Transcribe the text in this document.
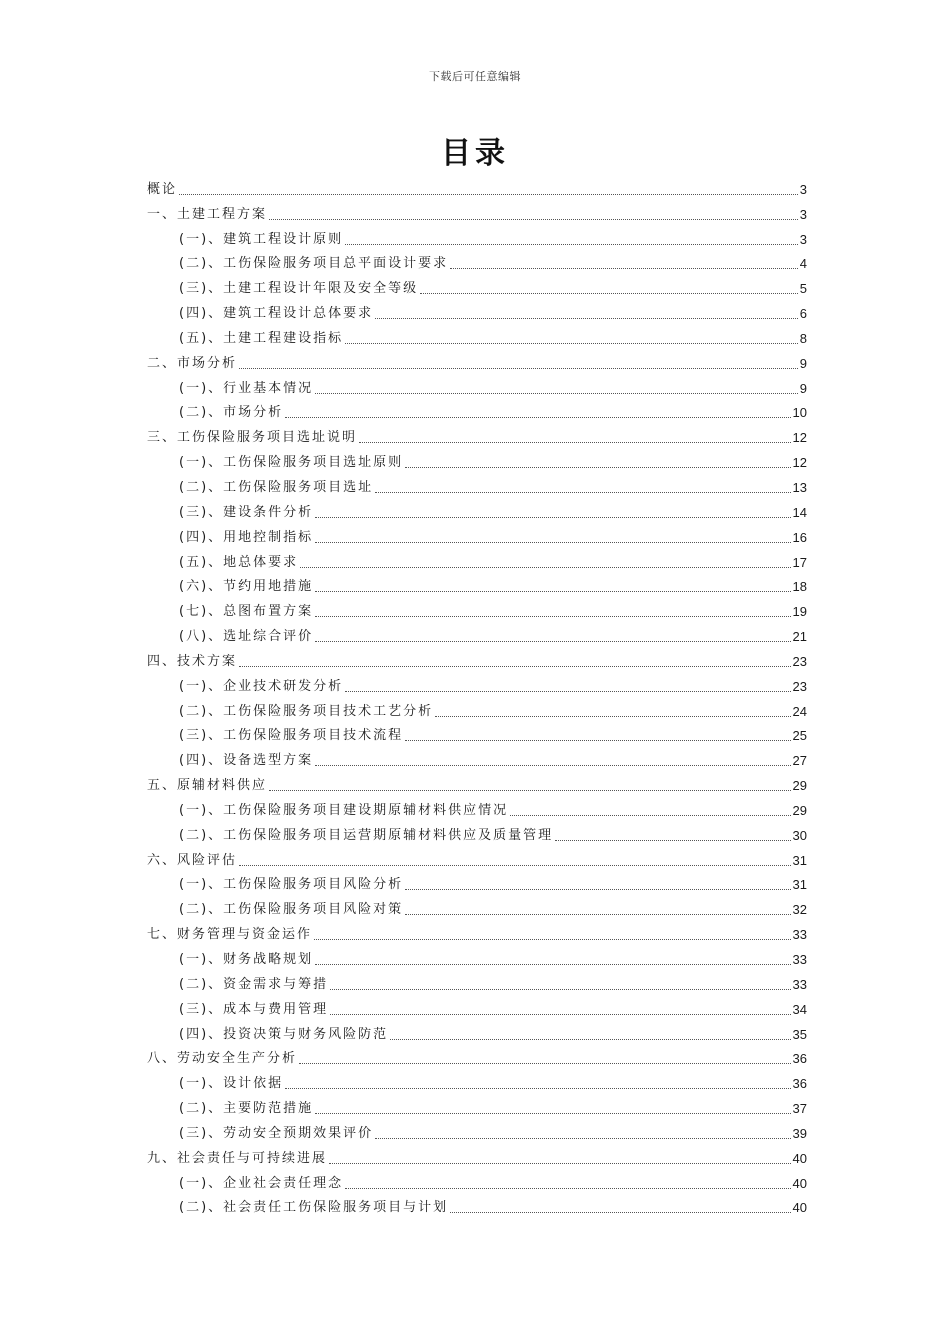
下载后可任意编辑
目录
概论	3
一、土建工程方案	3
(一)、建筑工程设计原则	3
(二)、工伤保险服务项目总平面设计要求	4
(三)、土建工程设计年限及安全等级	5
(四)、建筑工程设计总体要求	6
(五)、土建工程建设指标	8
二、市场分析	9
(一)、行业基本情况	9
(二)、市场分析	10
三、工伤保险服务项目选址说明	12
(一)、工伤保险服务项目选址原则	12
(二)、工伤保险服务项目选址	13
(三)、建设条件分析	14
(四)、用地控制指标	16
(五)、地总体要求	17
(六)、节约用地措施	18
(七)、总图布置方案	19
(八)、选址综合评价	21
四、技术方案	23
(一)、企业技术研发分析	23
(二)、工伤保险服务项目技术工艺分析	24
(三)、工伤保险服务项目技术流程	25
(四)、设备选型方案	27
五、原辅材料供应	29
(一)、工伤保险服务项目建设期原辅材料供应情况	29
(二)、工伤保险服务项目运营期原辅材料供应及质量管理	30
六、风险评估	31
(一)、工伤保险服务项目风险分析	31
(二)、工伤保险服务项目风险对策	32
七、财务管理与资金运作	33
(一)、财务战略规划	33
(二)、资金需求与筹措	33
(三)、成本与费用管理	34
(四)、投资决策与财务风险防范	35
八、劳动安全生产分析	36
(一)、设计依据	36
(二)、主要防范措施	37
(三)、劳动安全预期效果评价	39
九、社会责任与可持续进展	40
(一)、企业社会责任理念	40
(二)、社会责任工伤保险服务项目与计划	40
